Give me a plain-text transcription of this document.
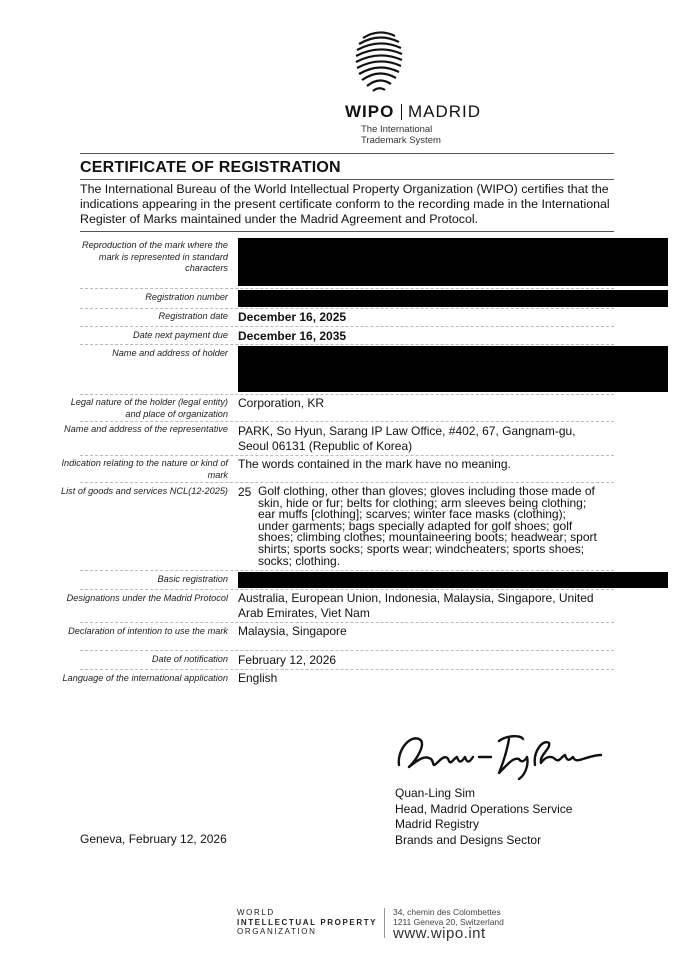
WIPO MADRID
The International
Trademark System
CERTIFICATE OF REGISTRATION
The International Bureau of the World Intellectual Property Organization (WIPO) certifies that the indications appearing in the present certificate conform to the recording made in the International Register of Marks maintained under the Madrid Agreement and Protocol.
Reproduction of the mark where the mark is represented in standard characters
Registration number
Registration date December 16, 2025
Date next payment due December 16, 2035
Name and address of holder
Legal nature of the holder (legal entity) and place of organization
Corporation, KR
Name and address of the representative PARK, So Hyun, Sarang IP Law Office, #402, 67, Gangnam-gu,
Seoul 06131 (Republic of Korea)
Indication relating to the nature or kind of mark
The words contained in the mark have no meaning.
List of goods and services NCL(12-2025) 25 Golf clothing, other than gloves; gloves including those made of
skin, hide or fur; belts for clothing; arm sleeves being clothing;
ear muffs [clothing]; scarves; winter face masks (clothing);
under garments; bags specially adapted for golf shoes; golf
shoes; climbing clothes; mountaineering boots; headwear; sport
shirts; sports socks; sports wear; windcheaters; sports shoes;
socks; clothing.
Basic registration
Designations under the Madrid Protocol Australia, European Union, Indonesia, Malaysia, Singapore, United
Arab Emirates, Viet Nam
Declaration of intention to use the mark Malaysia, Singapore
Date of notification February 12, 2026
Language of the international application English
Quan-Ling Sim
Head, Madrid Operations Service
Madrid Registry
Brands and Designs Sector
Geneva, February 12, 2026
WORLD
INTELLECTUAL PROPERTY
ORGANIZATION
34, chemin des Colombettes
1211 Geneva 20, Switzerland
www.wipo.int
